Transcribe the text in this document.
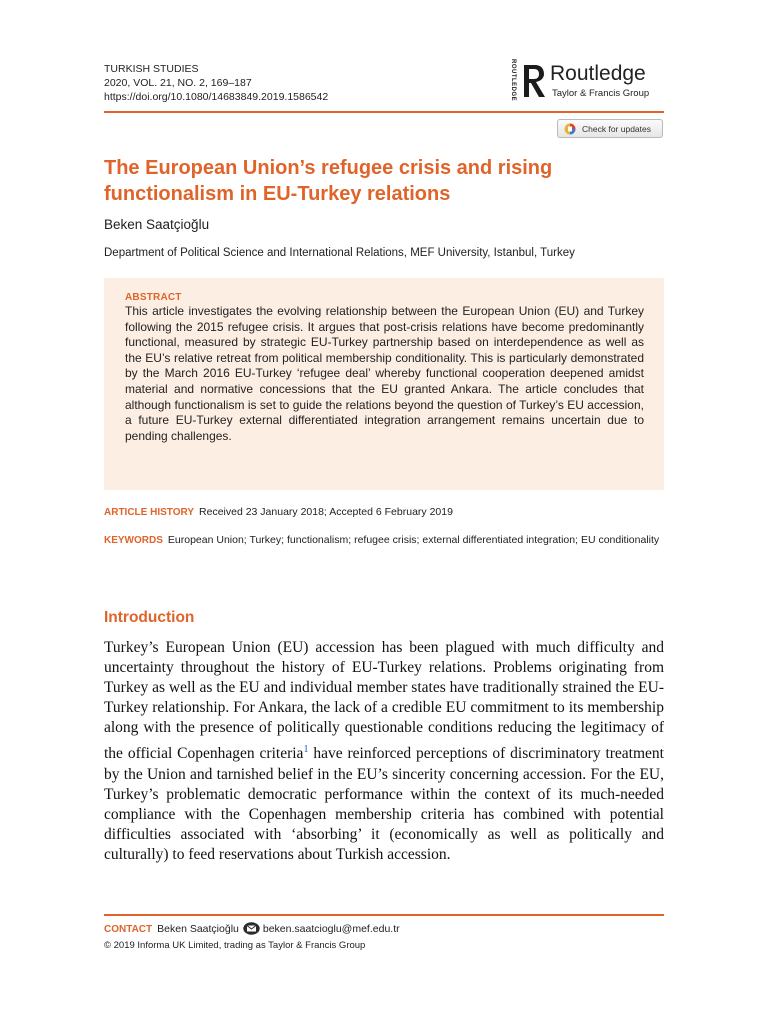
TURKISH STUDIES
2020, VOL. 21, NO. 2, 169–187
https://doi.org/10.1080/14683849.2019.1586542	ROUTLEDGE Routledge
Taylor & Francis Group
Check for updates
The European Union’s refugee crisis and rising functionalism in EU-Turkey relations
Beken Saatçioğlu
Department of Political Science and International Relations, MEF University, Istanbul, Turkey
ABSTRACT

This article investigates the evolving relationship between the European Union (EU) and Turkey following the 2015 refugee crisis. It argues that post-crisis relations have become predominantly functional, measured by strategic EU-Turkey partnership based on interdependence as well as the EU’s relative retreat from political membership conditionality. This is particularly demonstrated by the March 2016 EU-Turkey ‘refugee deal’ whereby functional cooperation deepened amidst material and normative concessions that the EU granted Ankara. The article concludes that although functionalism is set to guide the relations beyond the question of Turkey’s EU accession, a future EU-Turkey external differentiated integration arrangement remains uncertain due to pending challenges.

ARTICLE HISTORY Received 23 January 2018; Accepted 6 February 2019
KEYWORDS European Union; Turkey; functionalism; refugee crisis; external differentiated integration; EU conditionality
Introduction

Turkey’s European Union (EU) accession has been plagued with much difficulty and uncertainty throughout the history of EU-Turkey relations. Problems originating from Turkey as well as the EU and individual member states have traditionally strained the EU-Turkey relationship. For Ankara, the lack of a credible EU commitment to its membership along with the presence of politically questionable conditions reducing the legitimacy of the official Copenhagen criteria$^1$ have reinforced perceptions of discriminatory treatment by the Union and tarnished belief in the EU’s sincerity concerning accession. For the EU, Turkey’s problematic democratic performance within the context of its much-needed compliance with the Copenhagen membership criteria has combined with potential difficulties associated with ‘absorbing’ it (economically as well as politically and culturally) to feed reservations about Turkish accession.

CONTACT Beken Saatçioğlu beken.saatcioglu@mef.edu.tr
© 2019 Informa UK Limited, trading as Taylor & Francis Group
